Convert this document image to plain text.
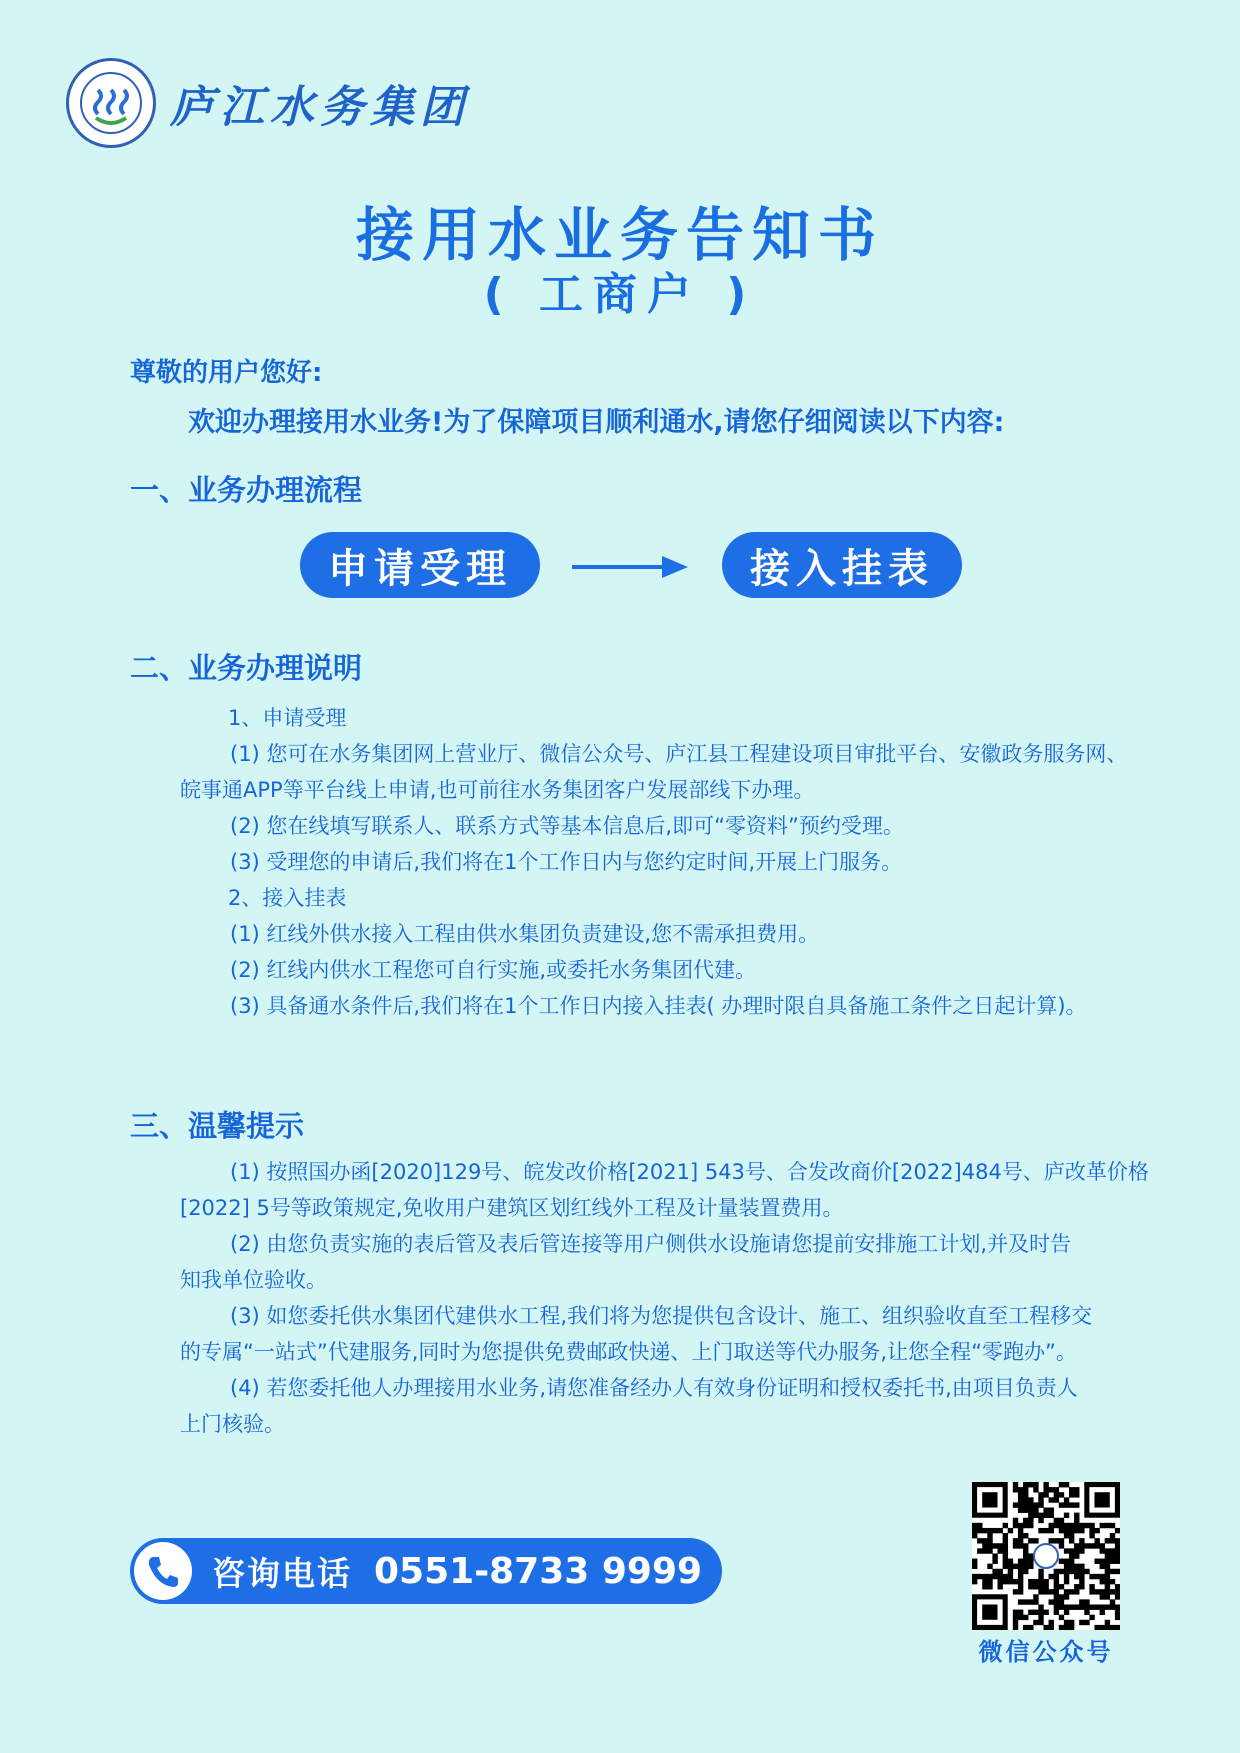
庐江水务集团
接用水业务告知书
( 工商户 )
尊敬的用户您好:
欢迎办理接用水业务!为了保障项目顺利通水,请您仔细阅读以下内容:
一、业务办理流程
申请受理	接入挂表
二、业务办理说明
1、申请受理
(1) 您可在水务集团网上营业厅、微信公众号、庐江县工程建设项目审批平台、安徽政务服务网、
皖事通APP等平台线上申请,也可前往水务集团客户发展部线下办理。
(2) 您在线填写联系人、联系方式等基本信息后,即可“零资料”预约受理。
(3) 受理您的申请后,我们将在1个工作日内与您约定时间,开展上门服务。
2、接入挂表
(1) 红线外供水接入工程由供水集团负责建设,您不需承担费用。
(2) 红线内供水工程您可自行实施,或委托水务集团代建。
(3) 具备通水条件后,我们将在1个工作日内接入挂表( 办理时限自具备施工条件之日起计算)。
三、温馨提示
(1) 按照国办函[2020]129号、皖发改价格[2021] 543号、合发改商价[2022]484号、庐改革价格
[2022] 5号等政策规定,免收用户建筑区划红线外工程及计量装置费用。
(2) 由您负责实施的表后管及表后管连接等用户侧供水设施请您提前安排施工计划,并及时告
知我单位验收。
(3) 如您委托供水集团代建供水工程,我们将为您提供包含设计、施工、组织验收直至工程移交
的专属“一站式”代建服务,同时为您提供免费邮政快递、上门取送等代办服务,让您全程“零跑办”。
(4) 若您委托他人办理接用水业务,请您准备经办人有效身份证明和授权委托书,由项目负责人
上门核验。
咨询电话 0551-8733 9999
微信公众号
